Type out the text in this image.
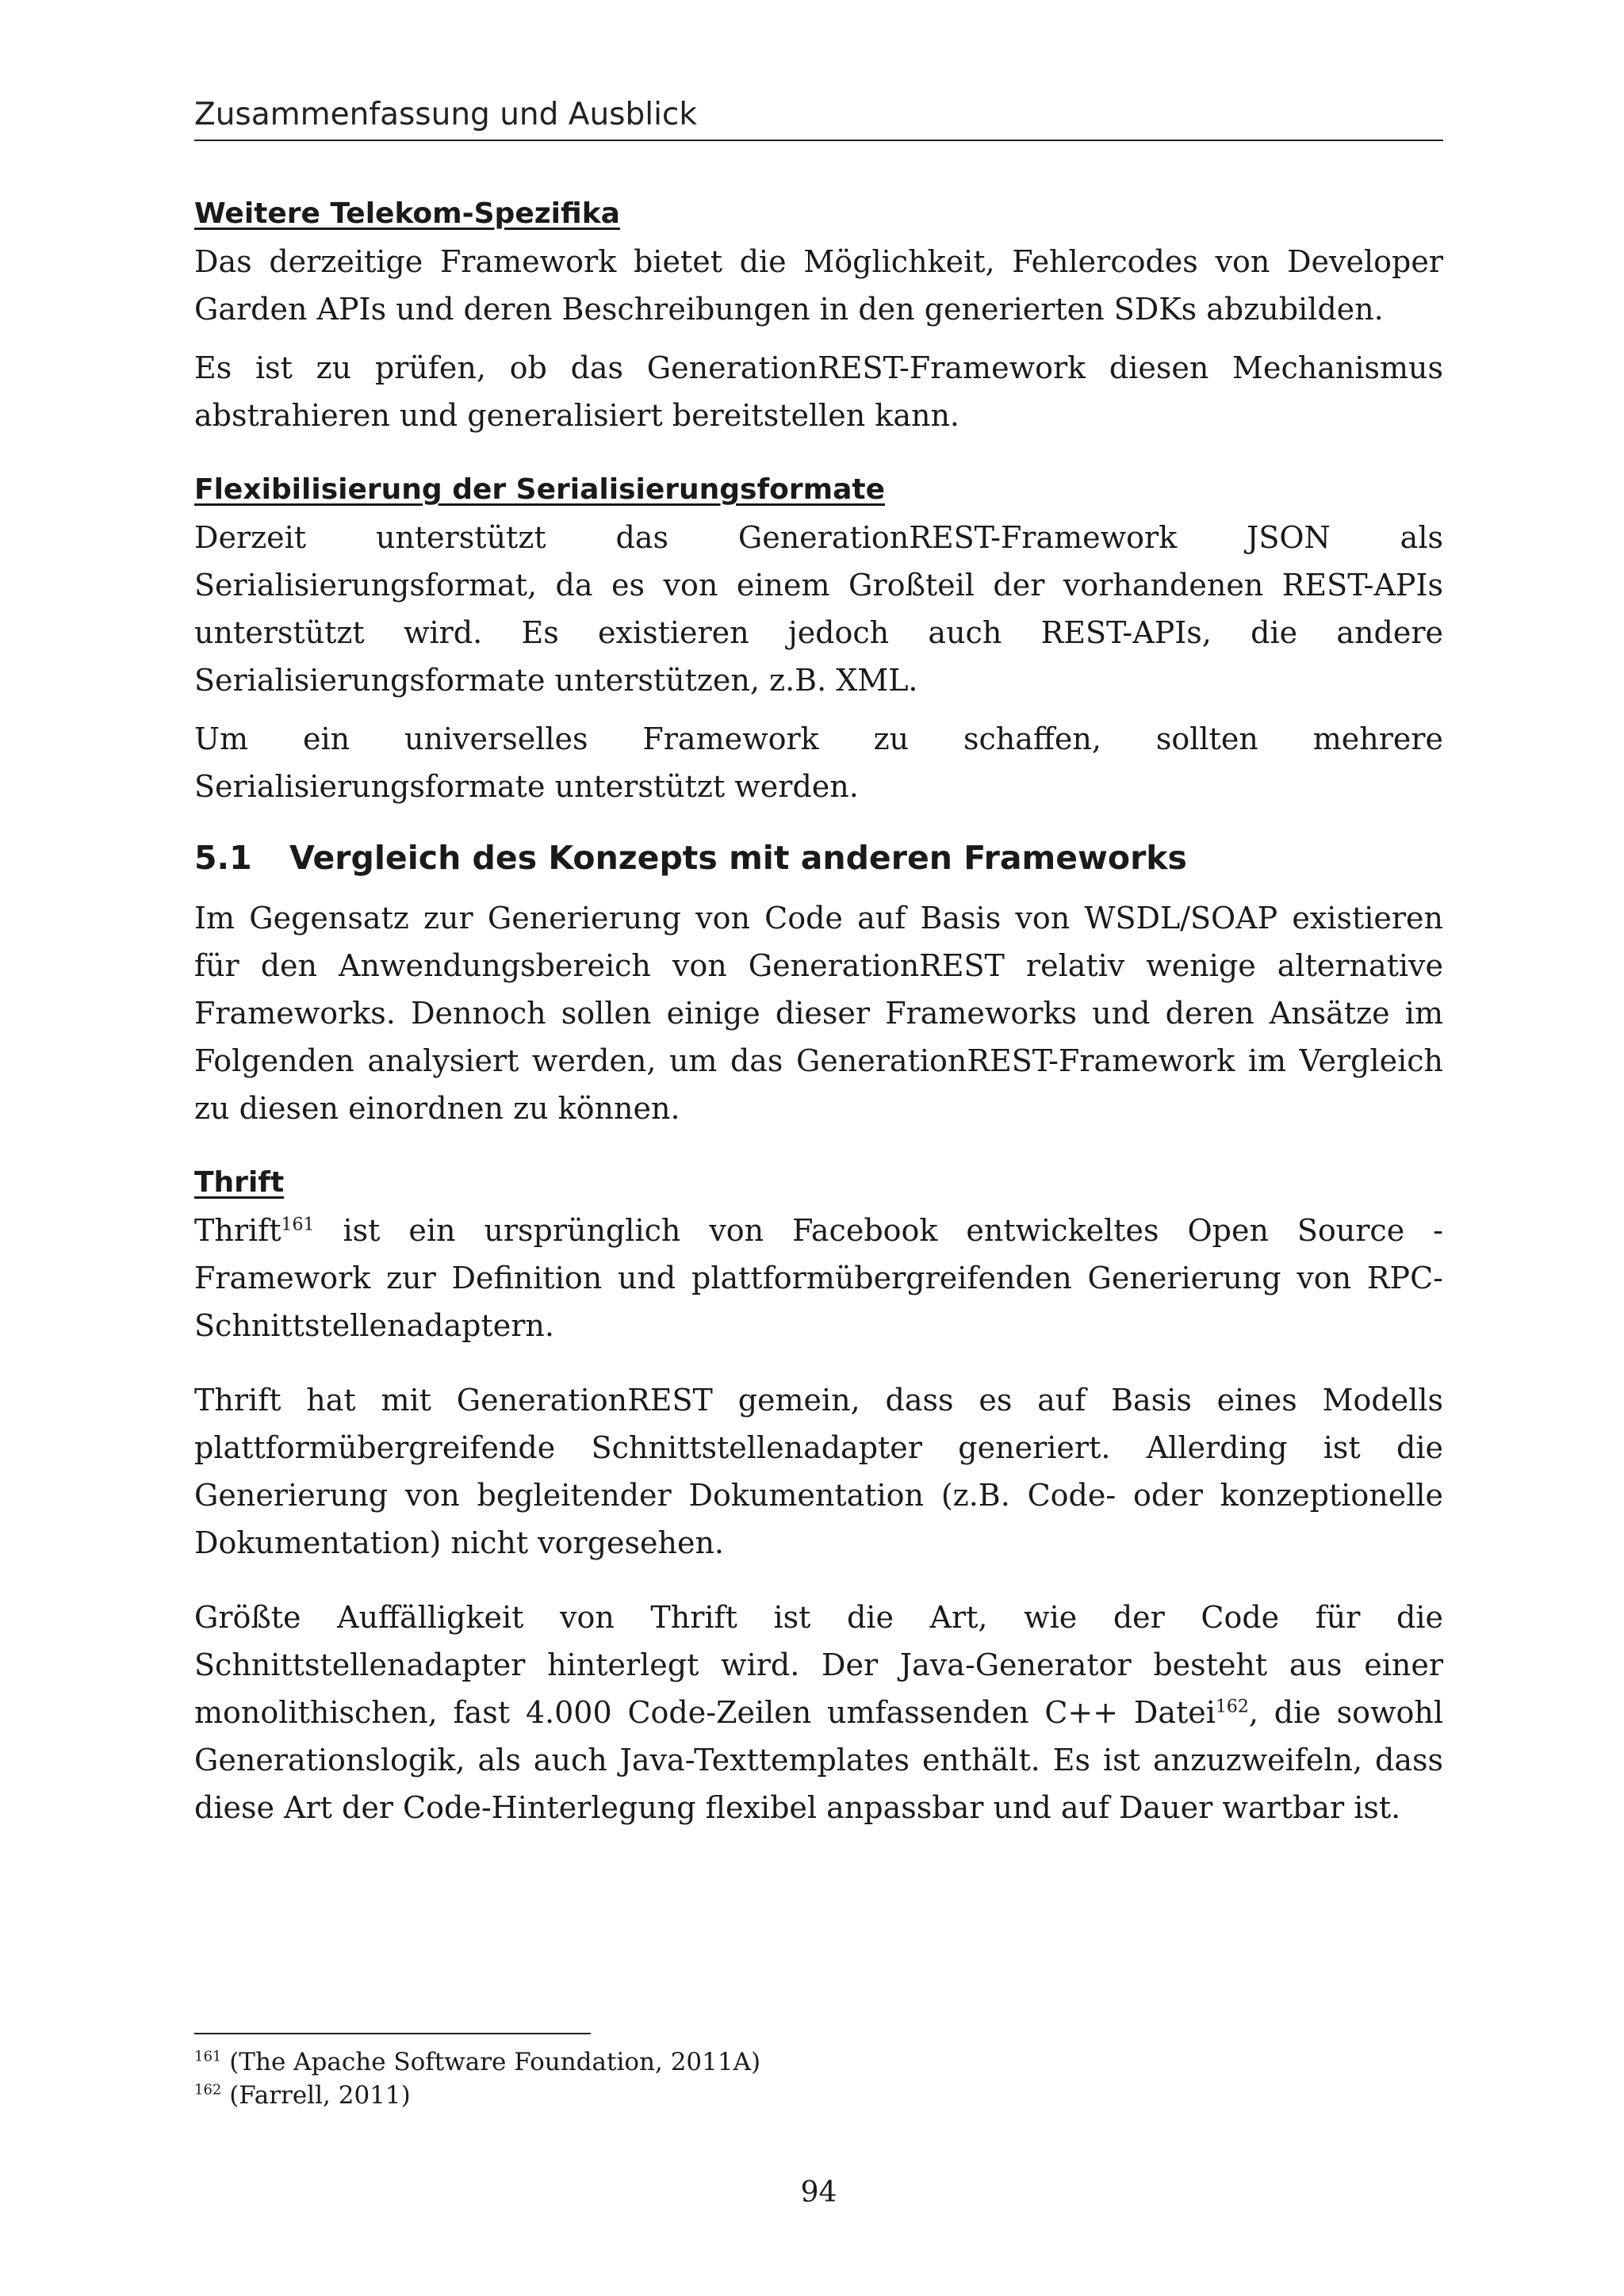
Zusammenfassung und Ausblick
Weitere Telekom-Spezifika

Das derzeitige Framework bietet die Möglichkeit, Fehlercodes von Developer Garden APIs und deren Beschreibungen in den generierten SDKs abzubilden.

Es ist zu prüfen, ob das GenerationREST-Framework diesen Mechanismus abstrahieren und generalisiert bereitstellen kann.

Flexibilisierung der Serialisierungsformate

Derzeit unterstützt das GenerationREST-Framework JSON als Serialisierungsformat, da es von einem Großteil der vorhandenen REST-APIs unterstützt wird. Es existieren jedoch auch REST-APIs, die andere Serialisierungsformate unterstützen, z.B. XML.

Um ein universelles Framework zu schaffen, sollten mehrere Serialisierungsformate unterstützt werden.

5.1 Vergleich des Konzepts mit anderen Frameworks

Im Gegensatz zur Generierung von Code auf Basis von WSDL/SOAP existieren für den Anwendungsbereich von GenerationREST relativ wenige alternative Frameworks. Dennoch sollen einige dieser Frameworks und deren Ansätze im Folgenden analysiert werden, um das GenerationREST-Framework im Vergleich zu diesen einordnen zu können.

Thrift

Thrift$^{161}$ ist ein ursprünglich von Facebook entwickeltes Open Source - Framework zur Definition und plattformübergreifenden Generierung von RPC-Schnittstellenadaptern.

Thrift hat mit GenerationREST gemein, dass es auf Basis eines Modells plattformübergreifende Schnittstellenadapter generiert. Allerding ist die Generierung von begleitender Dokumentation (z.B. Code- oder konzeptionelle Dokumentation) nicht vorgesehen.

Größte Auffälligkeit von Thrift ist die Art, wie der Code für die Schnittstellenadapter hinterlegt wird. Der Java-Generator besteht aus einer monolithischen, fast 4.000 Code-Zeilen umfassenden C++ Datei$^{162}$, die sowohl Generationslogik, als auch Java-Texttemplates enthält. Es ist anzuzweifeln, dass diese Art der Code-Hinterlegung flexibel anpassbar und auf Dauer wartbar ist.

$^{161}$ (The Apache Software Foundation, 2011A)
$^{162}$ (Farrell, 2011)
94
